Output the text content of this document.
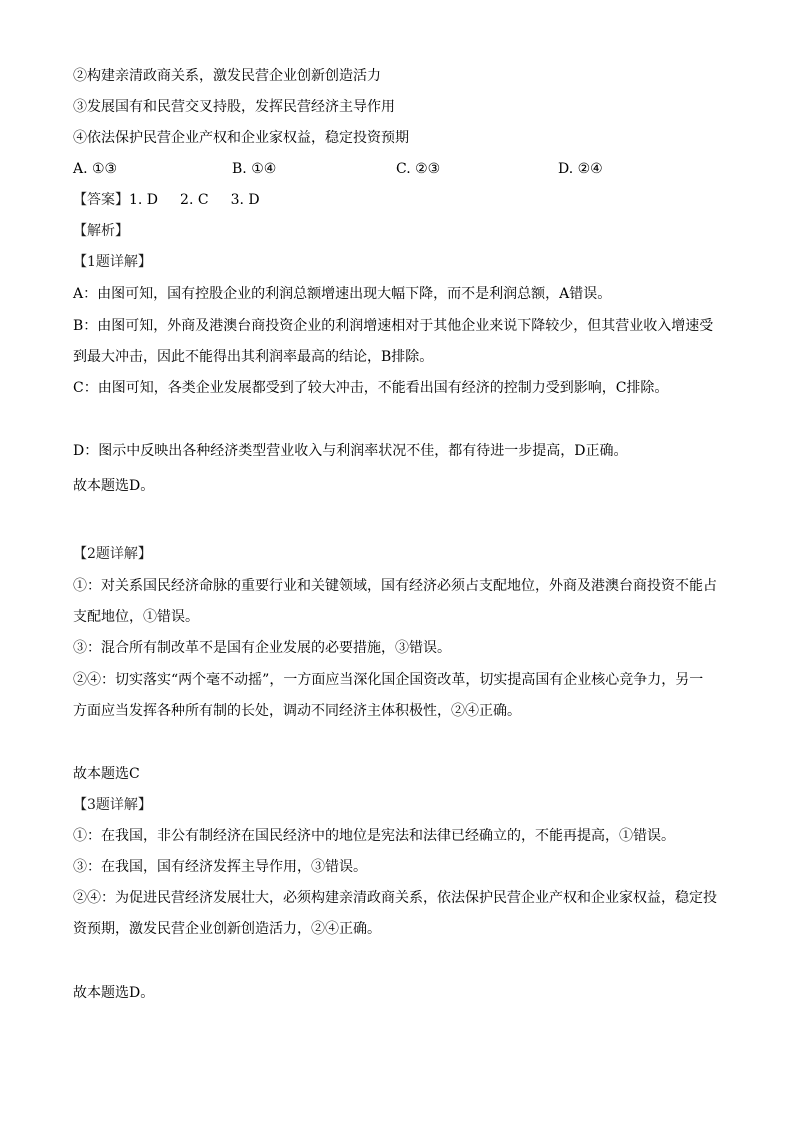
②构建亲清政商关系，激发民营企业创新创造活力
③发展国有和民营交叉持股，发挥民营经济主导作用
④依法保护民营企业产权和企业家权益，稳定投资预期
A. ①③	B. ①④	C. ②③	D. ②④
【答案】1. D 2. C 3. D
【解析】
【1题详解】
A：由图可知，国有控股企业的利润总额增速出现大幅下降，而不是利润总额，A错误。
B：由图可知，外商及港澳台商投资企业的利润增速相对于其他企业来说下降较少，但其营业收入增速受
到最大冲击，因此不能得出其利润率最高的结论，B排除。
C：由图可知，各类企业发展都受到了较大冲击，不能看出国有经济的控制力受到影响，C排除。
D：图示中反映出各种经济类型营业收入与利润率状况不佳，都有待进一步提高，D正确。
故本题选D。
【2题详解】
①：对关系国民经济命脉的重要行业和关键领域，国有经济必须占支配地位，外商及港澳台商投资不能占
支配地位，①错误。
③：混合所有制改革不是国有企业发展的必要措施，③错误。
②④：切实落实“两个毫不动摇”，一方面应当深化国企国资改革，切实提高国有企业核心竞争力，另一
方面应当发挥各种所有制的长处，调动不同经济主体积极性，②④正确。
故本题选C
【3题详解】
①：在我国，非公有制经济在国民经济中的地位是宪法和法律已经确立的，不能再提高，①错误。
③：在我国，国有经济发挥主导作用，③错误。
②④：为促进民营经济发展壮大，必须构建亲清政商关系，依法保护民营企业产权和企业家权益，稳定投
资预期，激发民营企业创新创造活力，②④正确。
故本题选D。
